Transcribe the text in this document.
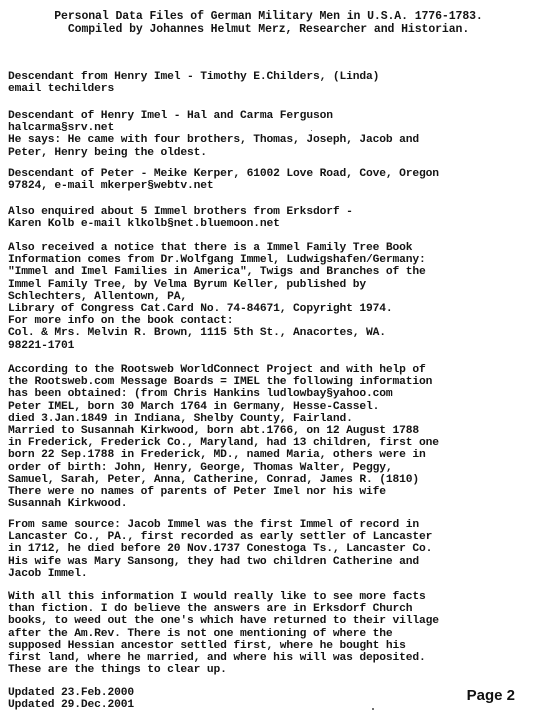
Personal Data Files of German Military Men in U.S.A. 1776-1783.
Compiled by Johannes Helmut Merz, Researcher and Historian.
Descendant from Henry Imel - Timothy E.Childers, (Linda)
email techilders
Descendant of Henry Imel - Hal and Carma Ferguson
halcarma§srv.net
He says: He came with four brothers, Thomas, Joseph, Jacob and
Peter, Henry being the oldest.
Descendant of Peter - Meike Kerper, 61002 Love Road, Cove, Oregon
97824, e-mail mkerper§webtv.net
Also enquired about 5 Immel brothers from Erksdorf -
Karen Kolb e-mail klkolb§net.bluemoon.net
Also received a notice that there is a Immel Family Tree Book
Information comes from Dr.Wolfgang Immel, Ludwigshafen/Germany:
"Immel and Imel Families in America", Twigs and Branches of the
Immel Family Tree, by Velma Byrum Keller, published by
Schlechters, Allentown, PA,
Library of Congress Cat.Card No. 74-84671, Copyright 1974.
For more info on the book contact:
Col. & Mrs. Melvin R. Brown, 1115 5th St., Anacortes, WA.
98221-1701
According to the Rootsweb WorldConnect Project and with help of
the Rootsweb.com Message Boards = IMEL the following information
has been obtained: (from Chris Hankins ludlowbay§yahoo.com
Peter IMEL, born 30 March 1764 in Germany, Hesse-Cassel.
died 3.Jan.1849 in Indiana, Shelby County, Fairland.
Married to Susannah Kirkwood, born abt.1766, on 12 August 1788
in Frederick, Frederick Co., Maryland, had 13 children, first one
born 22 Sep.1788 in Frederick, MD., named Maria, others were in
order of birth: John, Henry, George, Thomas Walter, Peggy,
Samuel, Sarah, Peter, Anna, Catherine, Conrad, James R. (1810)
There were no names of parents of Peter Imel nor his wife
Susannah Kirkwood.
From same source: Jacob Immel was the first Immel of record in
Lancaster Co., PA., first recorded as early settler of Lancaster
in 1712, he died before 20 Nov.1737 Conestoga Ts., Lancaster Co.
His wife was Mary Sansong, they had two children Catherine and
Jacob Immel.
With all this information I would really like to see more facts
than fiction. I do believe the answers are in Erksdorf Church
books, to weed out the one's which have returned to their village
after the Am.Rev. There is not one mentioning of where the
supposed Hessian ancestor settled first, where he bought his
first land, where he married, and where his will was deposited.
These are the things to clear up.
Updated 23.Feb.2000
Updated 29.Dec.2001
Page 2
